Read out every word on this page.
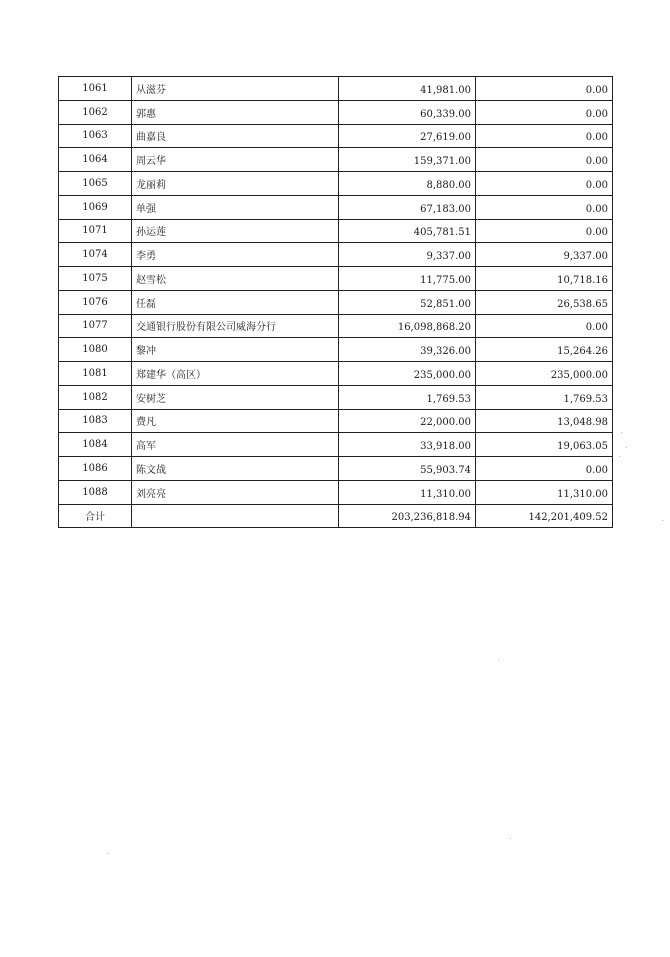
1061	从滋芬	41,981.00	0.00
1062	郭惠	60,339.00	0.00
1063	曲嘉良	27,619.00	0.00
1064	周云华	159,371.00	0.00
1065	龙丽莉	8,880.00	0.00
1069	单强	67,183.00	0.00
1071	孙运莲	405,781.51	0.00
1074	李勇	9,337.00	9,337.00
1075	赵雪松	11,775.00	10,718.16
1076	任磊	52,851.00	26,538.65
1077	交通银行股份有限公司威海分行	16,098,868.20	0.00
1080	黎冲	39,326.00	15,264.26
1081	郑建华（高区）	235,000.00	235,000.00
1082	安树芝	1,769.53	1,769.53
1083	费凡	22,000.00	13,048.98
1084	高军	33,918.00	19,063.05
1086	陈文战	55,903.74	0.00
1088	刘亮亮	11,310.00	11,310.00
合计		203,236,818.94	142,201,409.52
